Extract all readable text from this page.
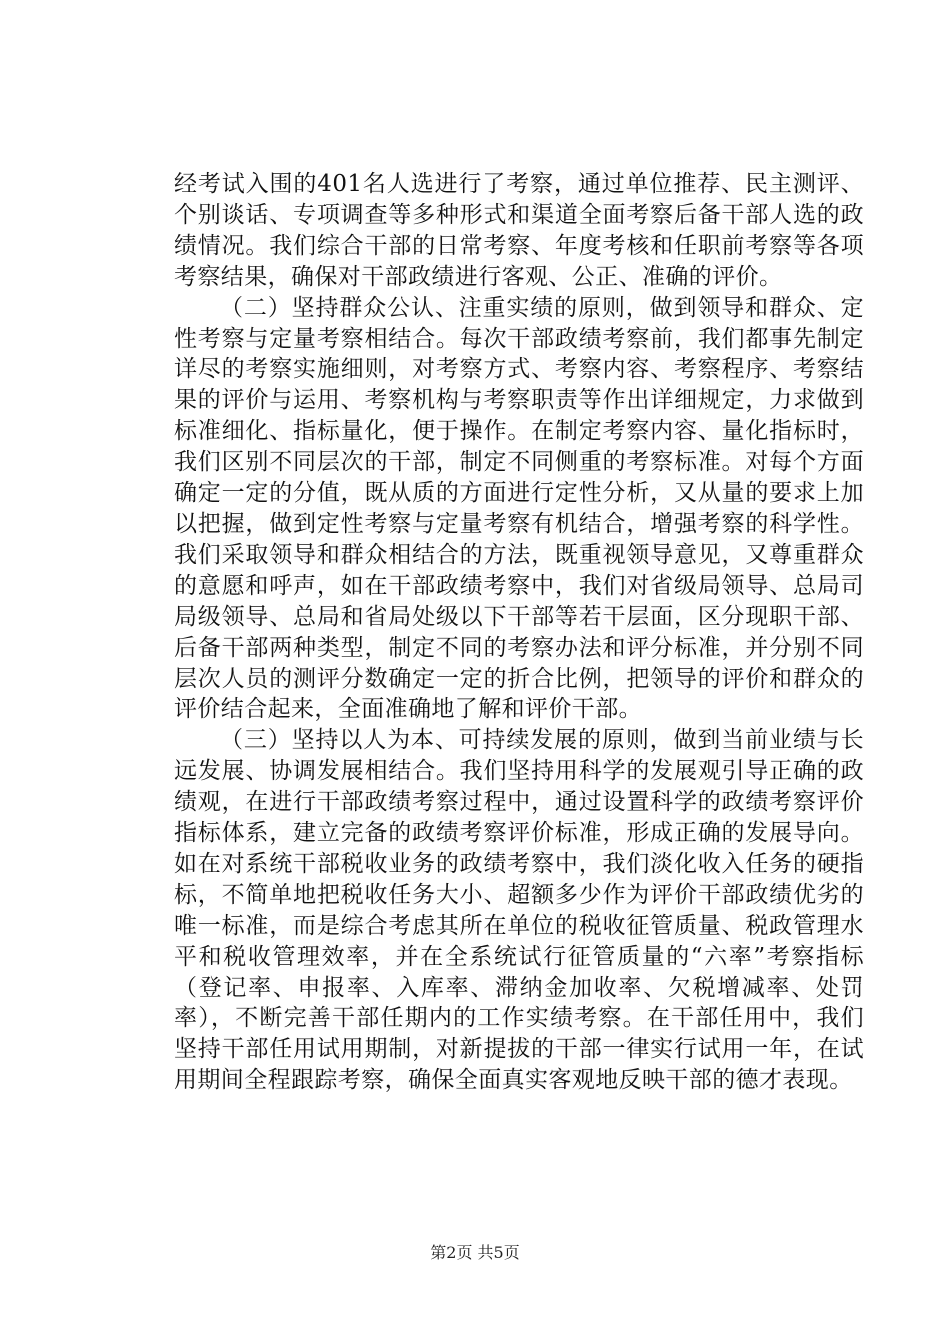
经考试入围的401名人选进行了考察，通过单位推荐、民主测评、个别谈话、专项调查等多种形式和渠道全面考察后备干部人选的政绩情况。我们综合干部的日常考察、年度考核和任职前考察等各项考察结果，确保对干部政绩进行客观、公正、准确的评价。

（二）坚持群众公认、注重实绩的原则，做到领导和群众、定性考察与定量考察相结合。每次干部政绩考察前，我们都事先制定详尽的考察实施细则，对考察方式、考察内容、考察程序、考察结果的评价与运用、考察机构与考察职责等作出详细规定，力求做到标准细化、指标量化，便于操作。在制定考察内容、量化指标时，我们区别不同层次的干部，制定不同侧重的考察标准。对每个方面确定一定的分值，既从质的方面进行定性分析，又从量的要求上加以把握，做到定性考察与定量考察有机结合，增强考察的科学性。我们采取领导和群众相结合的方法，既重视领导意见，又尊重群众的意愿和呼声，如在干部政绩考察中，我们对省级局领导、总局司局级领导、总局和省局处级以下干部等若干层面，区分现职干部、后备干部两种类型，制定不同的考察办法和评分标准，并分别不同层次人员的测评分数确定一定的折合比例，把领导的评价和群众的评价结合起来，全面准确地了解和评价干部。

（三）坚持以人为本、可持续发展的原则，做到当前业绩与长远发展、协调发展相结合。我们坚持用科学的发展观引导正确的政绩观，在进行干部政绩考察过程中，通过设置科学的政绩考察评价指标体系，建立完备的政绩考察评价标准，形成正确的发展导向。如在对系统干部税收业务的政绩考察中，我们淡化收入任务的硬指标，不简单地把税收任务大小、超额多少作为评价干部政绩优劣的唯一标准，而是综合考虑其所在单位的税收征管质量、税政管理水平和税收管理效率，并在全系统试行征管质量的“六率”考察指标（登记率、申报率、入库率、滞纳金加收率、欠税增减率、处罚率），不断完善干部任期内的工作实绩考察。在干部任用中，我们坚持干部任用试用期制，对新提拔的干部一律实行试用一年，在试用期间全程跟踪考察，确保全面真实客观地反映干部的德才表现。

第2页 共5页
